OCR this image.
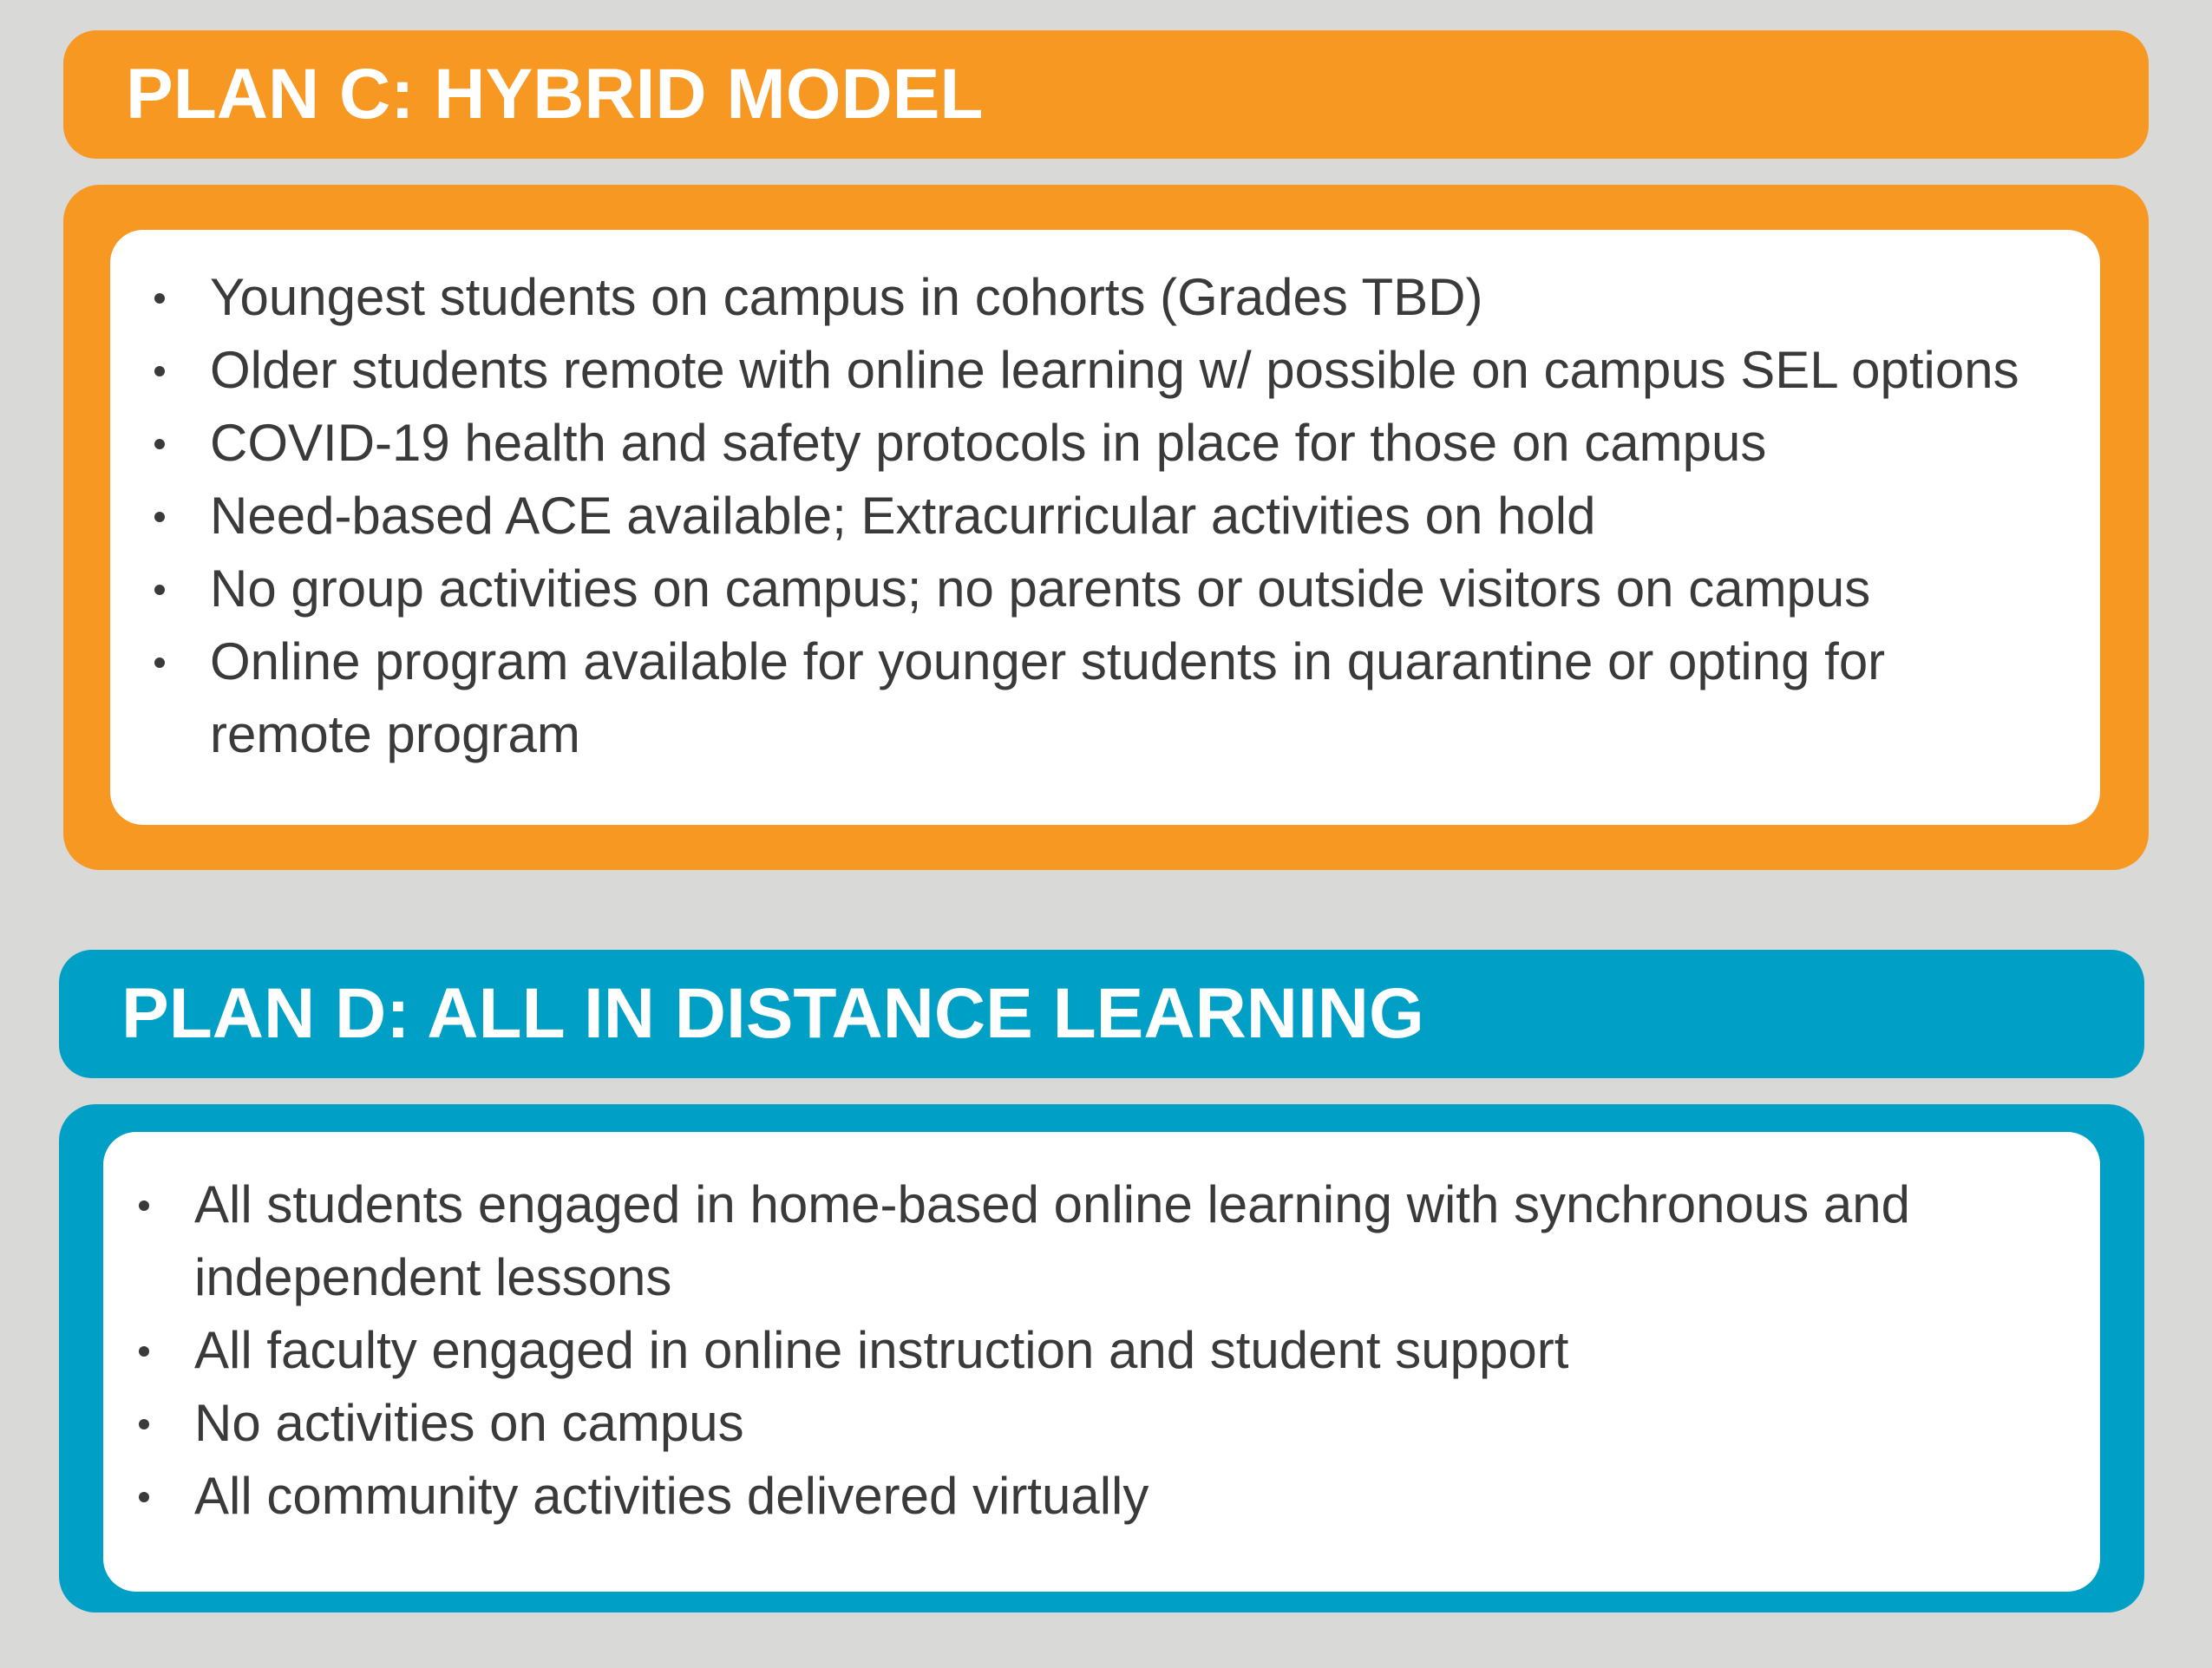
PLAN C: HYBRID MODEL
Youngest students on campus in cohorts (Grades TBD)
Older students remote with online learning w/ possible on campus SEL options
COVID-19 health and safety protocols in place for those on campus
Need-based ACE available; Extracurricular activities on hold
No group activities on campus; no parents or outside visitors on campus
Online program available for younger students in quarantine or opting for
remote program
PLAN D: ALL IN DISTANCE LEARNING
All students engaged in home-based online learning with synchronous and
independent lessons
All faculty engaged in online instruction and student support
No activities on campus
All community activities delivered virtually
